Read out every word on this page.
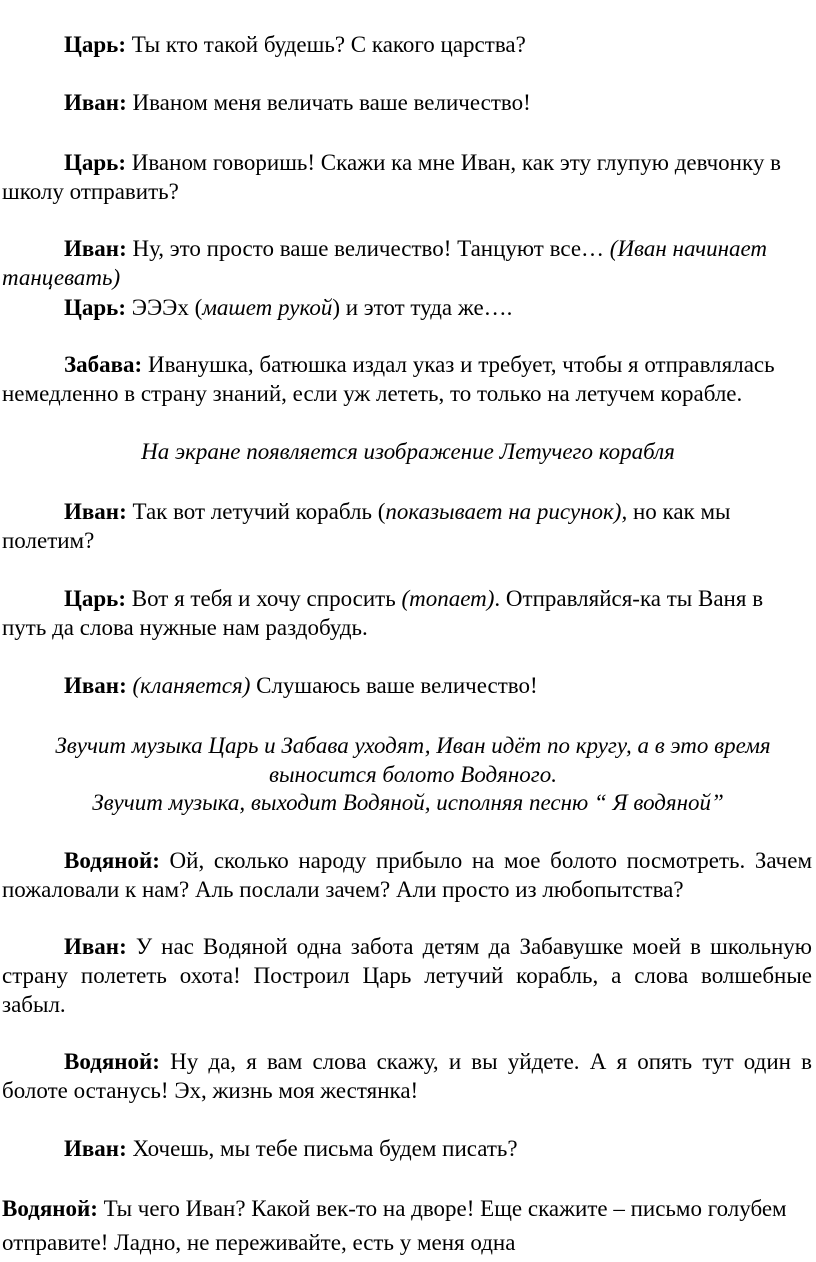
Царь: Ты кто такой будешь? С какого царства?

Иван: Иваном меня величать ваше величество!

Царь: Иваном говоришь! Скажи ка мне Иван, как эту глупую девчонку в школу отправить?

Иван: Ну, это просто ваше величество! Танцуют все… (Иван начинает танцевать)

Царь: ЭЭЭх (машет рукой) и этот туда же….

Забава: Иванушка, батюшка издал указ и требует, чтобы я отправлялась немедленно в страну знаний, если уж лететь, то только на летучем корабле.

На экране появляется изображение Летучего корабля

Иван: Так вот летучий корабль (показывает на рисунок), но как мы полетим?

Царь: Вот я тебя и хочу спросить (топает). Отправляйся-ка ты Ваня в путь да слова нужные нам раздобудь.

Иван: (кланяется) Слушаюсь ваше величество!

Звучит музыка Царь и Забава уходят, Иван идёт по кругу, а в это время выносится болото Водяного.

Звучит музыка, выходит Водяной, исполняя песню “ Я водяной”

Водяной: Ой, сколько народу прибыло на мое болото посмотреть. Зачем пожаловали к нам? Аль послали зачем? Али просто из любопытства?

Иван: У нас Водяной одна забота детям да Забавушке моей в школьную страну полететь охота! Построил Царь летучий корабль, а слова волшебные забыл.

Водяной: Ну да, я вам слова скажу, и вы уйдете. А я опять тут один в болоте останусь! Эх, жизнь моя жестянка!

Иван: Хочешь, мы тебе письма будем писать?

Водяной: Ты чего Иван? Какой век-то на дворе! Еще скажите – письмо голубем отправите! Ладно, не переживайте, есть у меня одна
